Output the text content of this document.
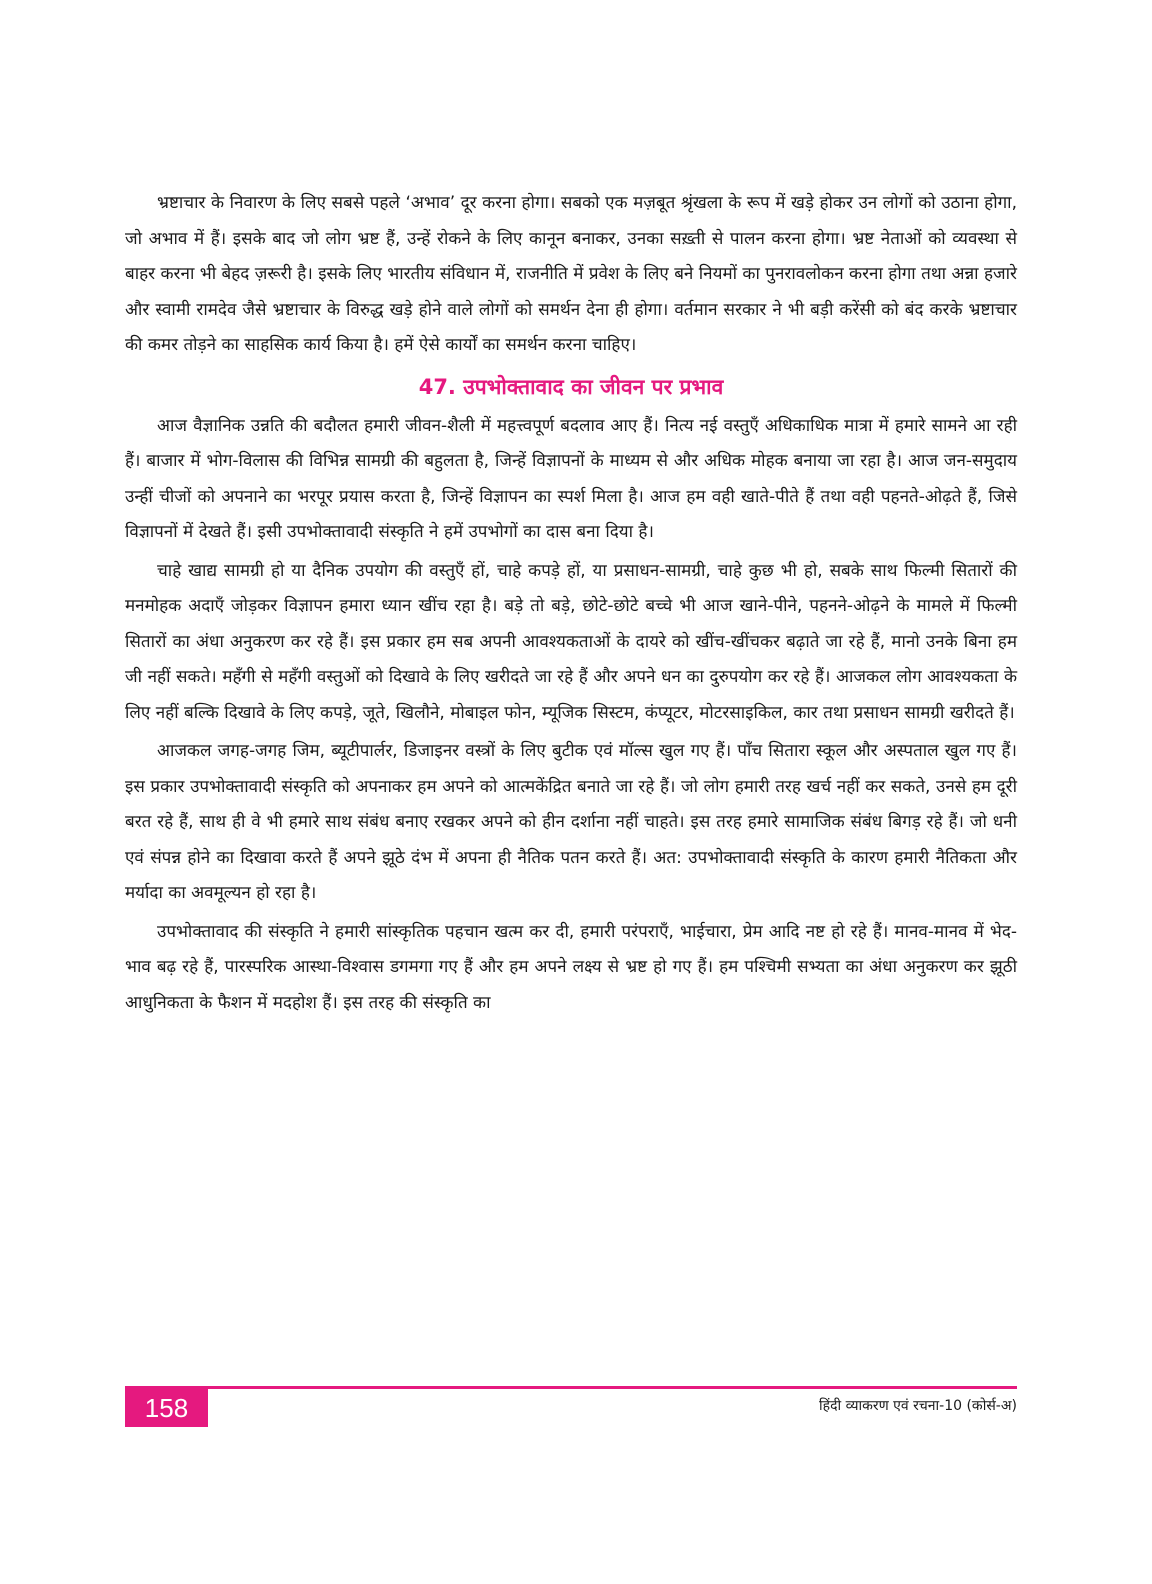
भ्रष्टाचार के निवारण के लिए सबसे पहले ‘अभाव’ दूर करना होगा। सबको एक मज़बूत श्रृंखला के रूप में खड़े होकर उन लोगों को उठाना होगा, जो अभाव में हैं। इसके बाद जो लोग भ्रष्ट हैं, उन्हें रोकने के लिए कानून बनाकर, उनका सख़्ती से पालन करना होगा। भ्रष्ट नेताओं को व्यवस्था से बाहर करना भी बेहद ज़रूरी है। इसके लिए भारतीय संविधान में, राजनीति में प्रवेश के लिए बने नियमों का पुनरावलोकन करना होगा तथा अन्ना हजारे और स्वामी रामदेव जैसे भ्रष्टाचार के विरुद्ध खड़े होने वाले लोगों को समर्थन देना ही होगा। वर्तमान सरकार ने भी बड़ी करेंसी को बंद करके भ्रष्टाचार की कमर तोड़ने का साहसिक कार्य किया है। हमें ऐसे कार्यों का समर्थन करना चाहिए।

47. उपभोक्तावाद का जीवन पर प्रभाव

आज वैज्ञानिक उन्नति की बदौलत हमारी जीवन-शैली में महत्त्वपूर्ण बदलाव आए हैं। नित्य नई वस्तुएँ अधिकाधिक मात्रा में हमारे सामने आ रही हैं। बाजार में भोग-विलास की विभिन्न सामग्री की बहुलता है, जिन्हें विज्ञापनों के माध्यम से और अधिक मोहक बनाया जा रहा है। आज जन-समुदाय उन्हीं चीजों को अपनाने का भरपूर प्रयास करता है, जिन्हें विज्ञापन का स्पर्श मिला है। आज हम वही खाते-पीते हैं तथा वही पहनते-ओढ़ते हैं, जिसे विज्ञापनों में देखते हैं। इसी उपभोक्तावादी संस्कृति ने हमें उपभोगों का दास बना दिया है।

चाहे खाद्य सामग्री हो या दैनिक उपयोग की वस्तुएँ हों, चाहे कपड़े हों, या प्रसाधन-सामग्री, चाहे कुछ भी हो, सबके साथ फिल्मी सितारों की मनमोहक अदाएँ जोड़कर विज्ञापन हमारा ध्यान खींच रहा है। बड़े तो बड़े, छोटे-छोटे बच्चे भी आज खाने-पीने, पहनने-ओढ़ने के मामले में फिल्मी सितारों का अंधा अनुकरण कर रहे हैं। इस प्रकार हम सब अपनी आवश्यकताओं के दायरे को खींच-खींचकर बढ़ाते जा रहे हैं, मानो उनके बिना हम जी नहीं सकते। महँगी से महँगी वस्तुओं को दिखावे के लिए खरीदते जा रहे हैं और अपने धन का दुरुपयोग कर रहे हैं। आजकल लोग आवश्यकता के लिए नहीं बल्कि दिखावे के लिए कपड़े, जूते, खिलौने, मोबाइल फोन, म्यूजिक सिस्टम, कंप्यूटर, मोटरसाइकिल, कार तथा प्रसाधन सामग्री खरीदते हैं।

आजकल जगह-जगह जिम, ब्यूटीपार्लर, डिजाइनर वस्त्रों के लिए बुटीक एवं मॉल्स खुल गए हैं। पाँच सितारा स्कूल और अस्पताल खुल गए हैं। इस प्रकार उपभोक्तावादी संस्कृति को अपनाकर हम अपने को आत्मकेंद्रित बनाते जा रहे हैं। जो लोग हमारी तरह खर्च नहीं कर सकते, उनसे हम दूरी बरत रहे हैं, साथ ही वे भी हमारे साथ संबंध बनाए रखकर अपने को हीन दर्शाना नहीं चाहते। इस तरह हमारे सामाजिक संबंध बिगड़ रहे हैं। जो धनी एवं संपन्न होने का दिखावा करते हैं अपने झूठे दंभ में अपना ही नैतिक पतन करते हैं। अत: उपभोक्तावादी संस्कृति के कारण हमारी नैतिकता और मर्यादा का अवमूल्यन हो रहा है।

उपभोक्तावाद की संस्कृति ने हमारी सांस्कृतिक पहचान खत्म कर दी, हमारी परंपराएँ, भाईचारा, प्रेम आदि नष्ट हो रहे हैं। मानव-मानव में भेद-भाव बढ़ रहे हैं, पारस्परिक आस्था-विश्वास डगमगा गए हैं और हम अपने लक्ष्य से भ्रष्ट हो गए हैं। हम पश्चिमी सभ्यता का अंधा अनुकरण कर झूठी आधुनिकता के फैशन में मदहोश हैं। इस तरह की संस्कृति का

158	हिंदी व्याकरण एवं रचना-10 (कोर्स-अ)
